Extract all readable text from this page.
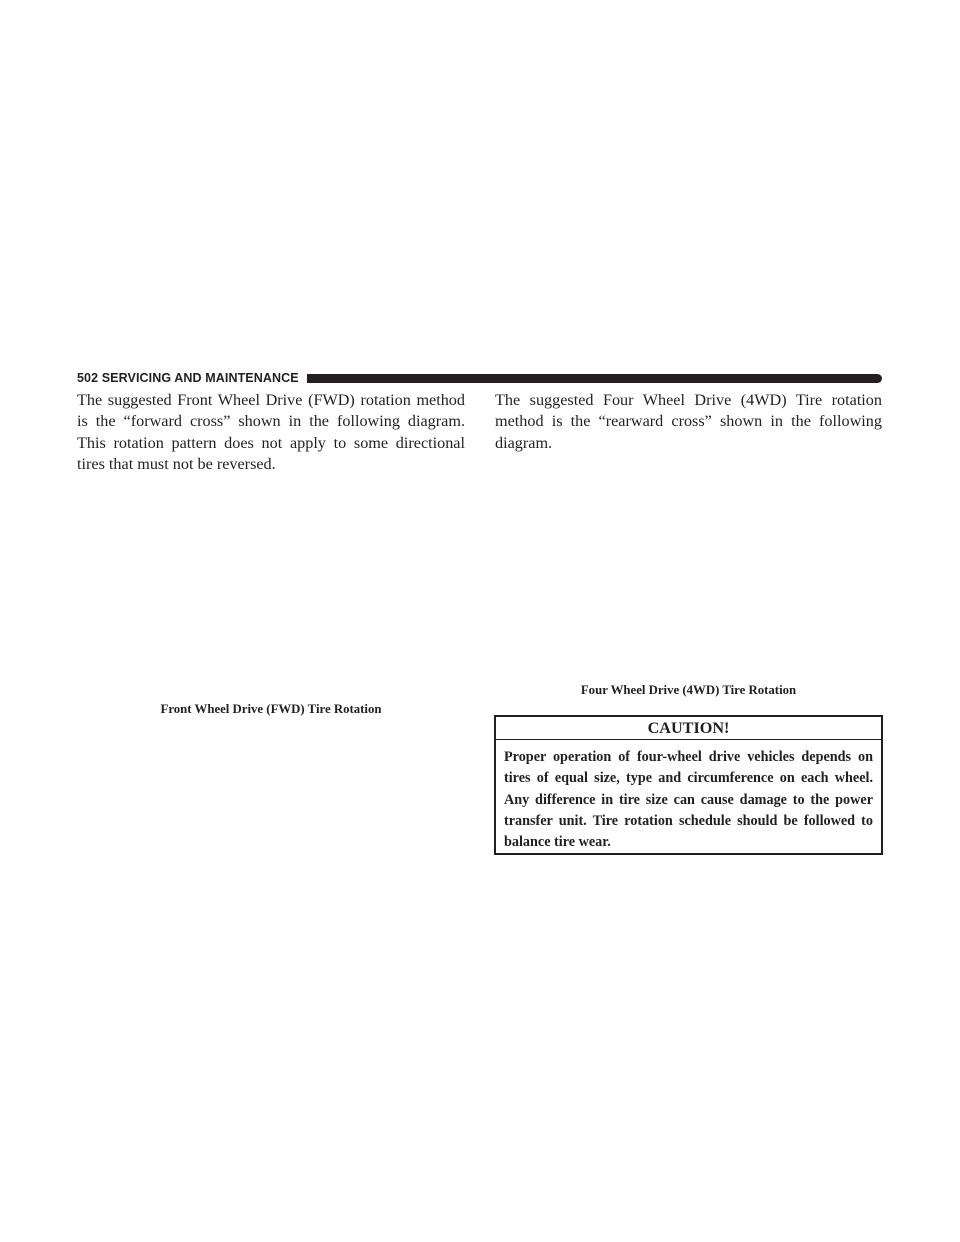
502 SERVICING AND MAINTENANCE

The suggested Front Wheel Drive (FWD) rotation method is the “forward cross” shown in the following diagram. This rotation pattern does not apply to some directional tires that must not be reversed.

The suggested Four Wheel Drive (4WD) Tire rotation method is the “rearward cross” shown in the following diagram.

Front Wheel Drive (FWD) Tire Rotation

Four Wheel Drive (4WD) Tire Rotation

CAUTION!

Proper operation of four-wheel drive vehicles depends on tires of equal size, type and circumference on each wheel. Any difference in tire size can cause damage to the power transfer unit. Tire rotation schedule should be followed to balance tire wear.
